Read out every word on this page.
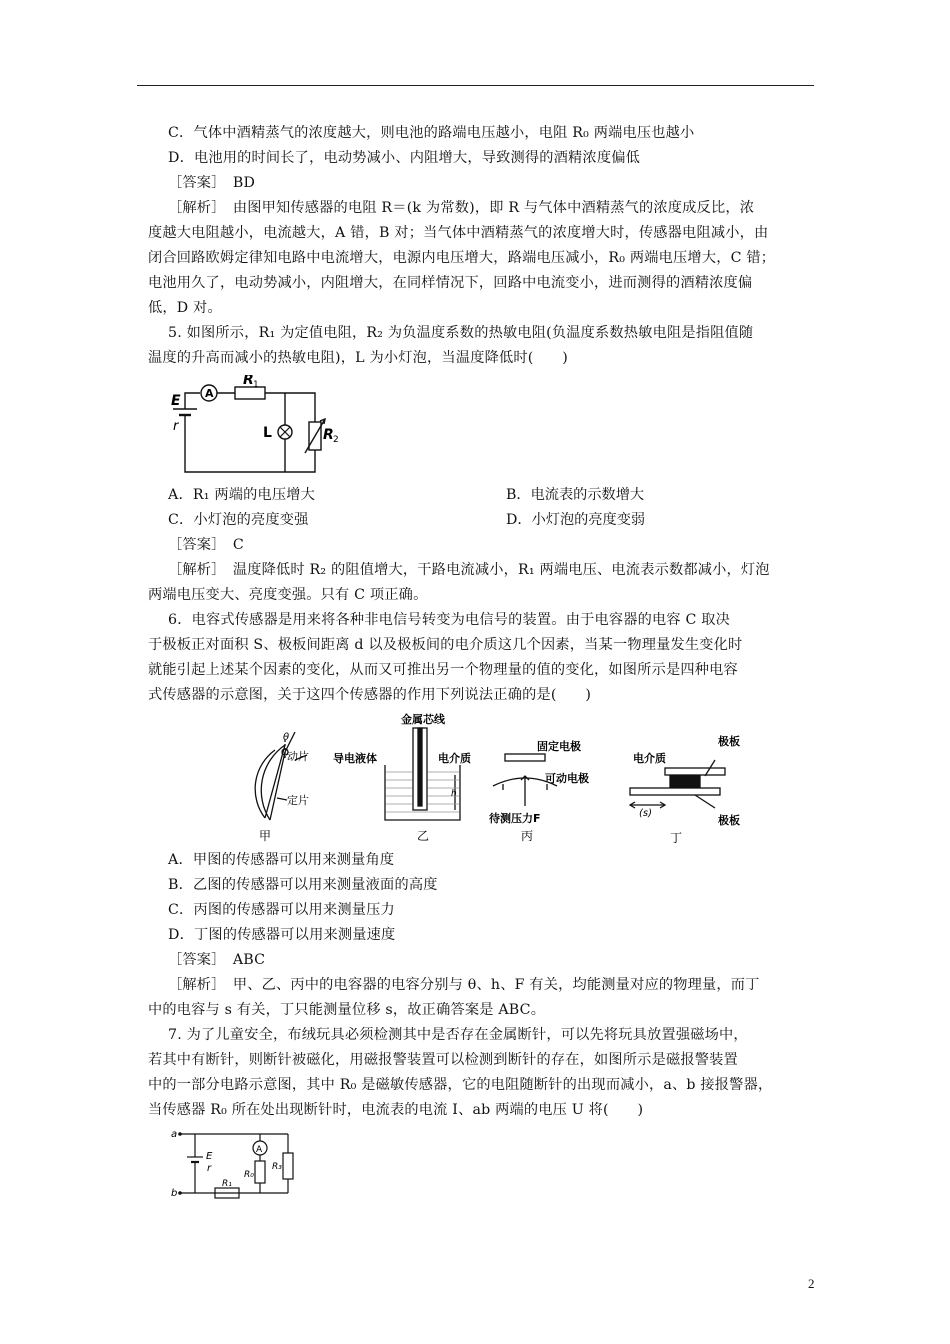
C．气体中酒精蒸气的浓度越大，则电池的路端电压越小，电阻 R₀ 两端电压也越小
D．电池用的时间长了，电动势减小、内阻增大，导致测得的酒精浓度偏低
［答案］　BD
［解析］　由图甲知传感器的电阻 R＝(k 为常数)，即 R 与气体中酒精蒸气的浓度成反比，浓
度越大电阻越小，电流越大，A 错，B 对；当气体中酒精蒸气的浓度增大时，传感器电阻减小，由
闭合回路欧姆定律知电路中电流增大，电源内电压增大，路端电压减小，R₀ 两端电压增大，C 错；
电池用久了，电动势减小，内阻增大，在同样情况下，回路中电流变小，进而测得的酒精浓度偏
低，D 对。
5. 如图所示，R₁ 为定值电阻，R₂ 为负温度系数的热敏电阻(负温度系数热敏电阻是指阻值随
温度的升高而减小的热敏电阻)，L 为小灯泡，当温度降低时(　　)
A
E
r
R 1
L	R 2
A．R₁ 两端的电压增大	B．电流表的示数增大
C．小灯泡的亮度变强	D．小灯泡的亮度变弱
［答案］　C
［解析］　温度降低时 R₂ 的阻值增大，干路电流减小，R₁ 两端电压、电流表示数都减小，灯泡
两端电压变大、亮度变强。只有 C 项正确。
6．电容式传感器是用来将各种非电信号转变为电信号的装置。由于电容器的电容 C 取决
于极板正对面积 S、极板间距离 d 以及极板间的电介质这几个因素，当某一物理量发生变化时
就能引起上述某个因素的变化，从而又可推出另一个物理量的值的变化，如图所示是四种电容
式传感器的示意图，关于这四个传感器的作用下列说法正确的是(　　)
θ
动片
定片
甲
金属芯线
导电液体	电介质
h
乙
固定电极
可动电极
待测压力F
丙
电介质
极板
极板
(s)
丁
A．甲图的传感器可以用来测量角度
B．乙图的传感器可以用来测量液面的高度
C．丙图的传感器可以用来测量压力
D．丁图的传感器可以用来测量速度
［答案］　ABC
［解析］　甲、乙、丙中的电容器的电容分别与 θ、h、F 有关，均能测量对应的物理量，而丁
中的电容与 s 有关，丁只能测量位移 s，故正确答案是 ABC。
7. 为了儿童安全，布绒玩具必须检测其中是否存在金属断针，可以先将玩具放置强磁场中，
若其中有断针，则断针被磁化，用磁报警装置可以检测到断针的存在，如图所示是磁报警装置
中的一部分电路示意图，其中 R₀ 是磁敏传感器，它的电阻随断针的出现而减小，a、b 接报警器，
当传感器 R₀ 所在处出现断针时，电流表的电流 I、ab 两端的电压 U 将(　　)
a
b
E
r
A
R₁
R₀
R₃
2
